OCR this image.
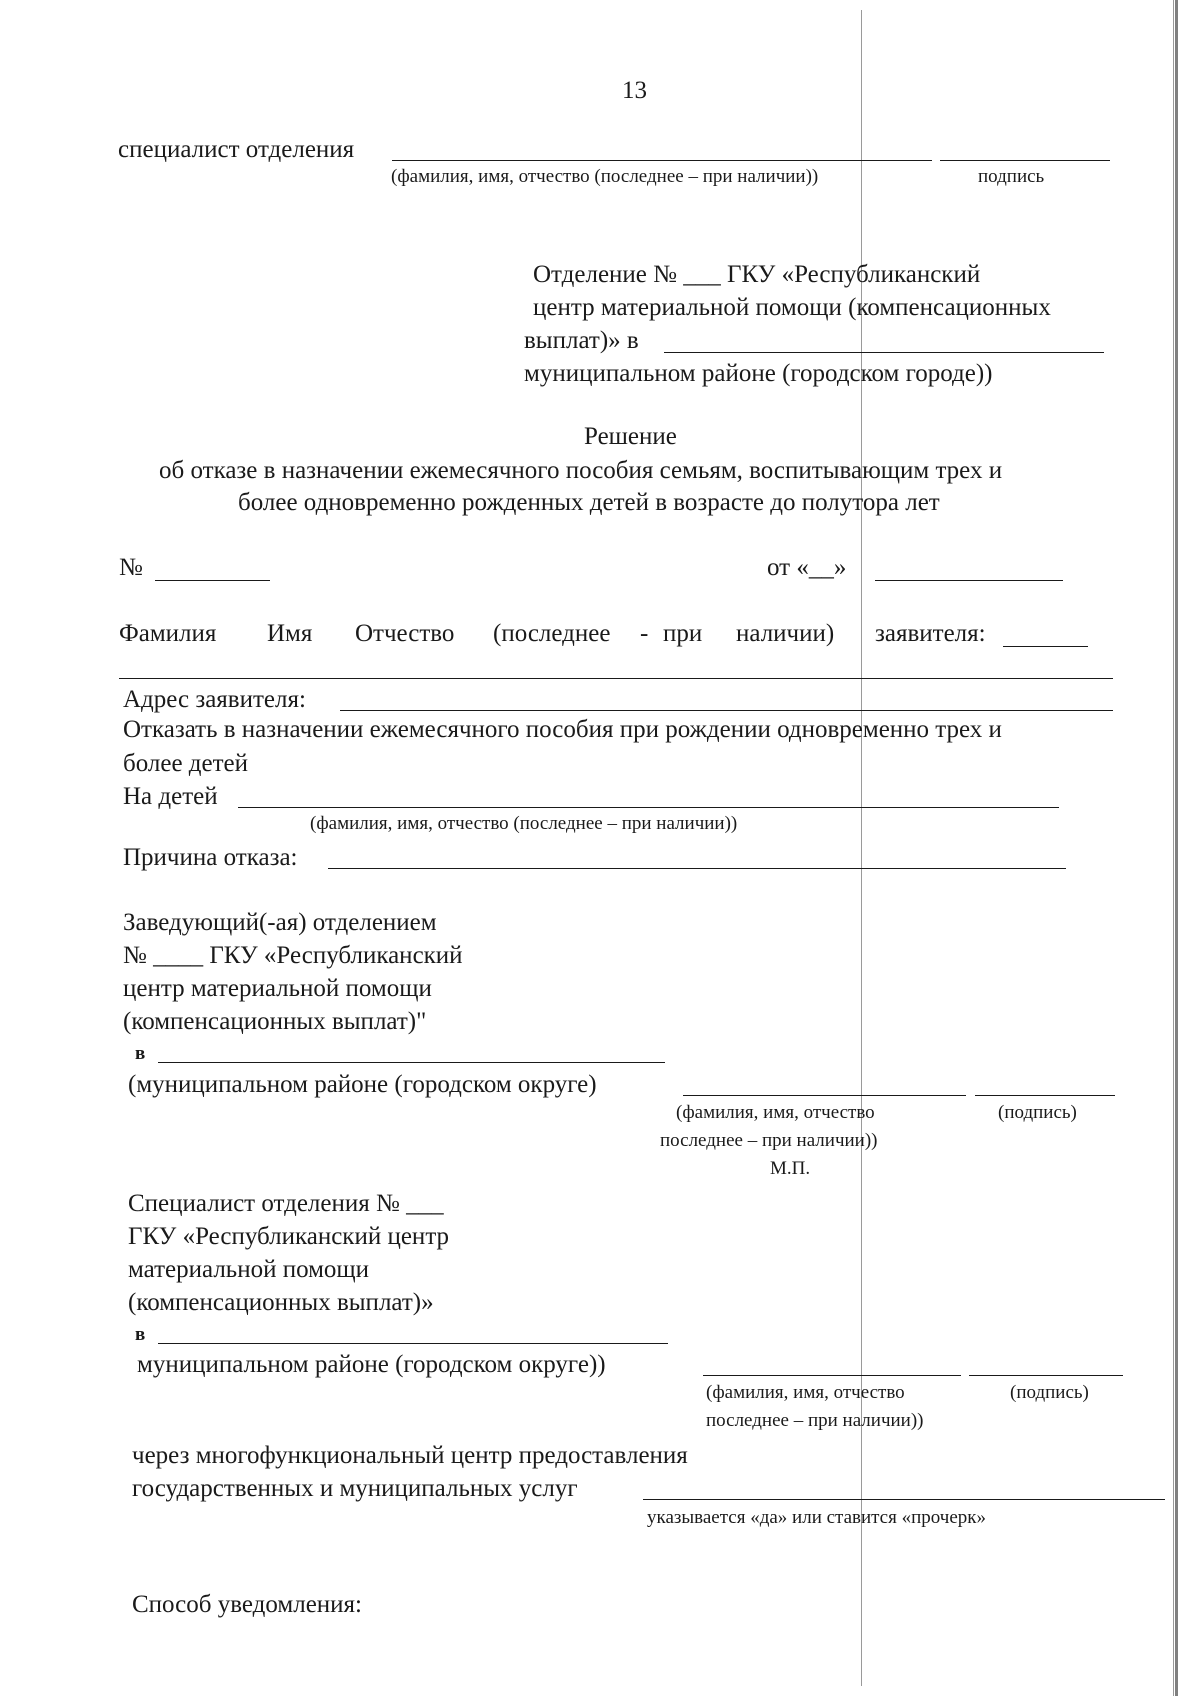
13
специалист отделения
(фамилия, имя, отчество (последнее – при наличии))	подпись
Отделение № ___ ГКУ «Республиканский
центр материальной помощи (компенсационных
выплат)» в
муниципальном районе (городском городе))
Решение
об отказе в назначении ежемесячного пособия семьям, воспитывающим трех и
более одновременно рожденных детей в возрасте до полутора лет
№	от «__»
Фамилия Имя Отчество (последнее - при наличии) заявителя:
Адрес заявителя:
Отказать в назначении ежемесячного пособия при рождении одновременно трех и
более детей
На детей
(фамилия, имя, отчество (последнее – при наличии))
Причина отказа:
Заведующий(-ая) отделением
№ ____ ГКУ «Республиканский
центр материальной помощи
(компенсационных выплат)"
в
(муниципальном районе (городском округе)
(фамилия, имя, отчество	(подпись)
последнее – при наличии))
М.П.
Специалист отделения № ___
ГКУ «Республиканский центр
материальной помощи
(компенсационных выплат)»
в
муниципальном районе (городском округе))
(фамилия, имя, отчество	(подпись)
последнее – при наличии))
через многофункциональный центр предоставления
государственных и муниципальных услуг
указывается «да» или ставится «прочерк»
Способ уведомления:
